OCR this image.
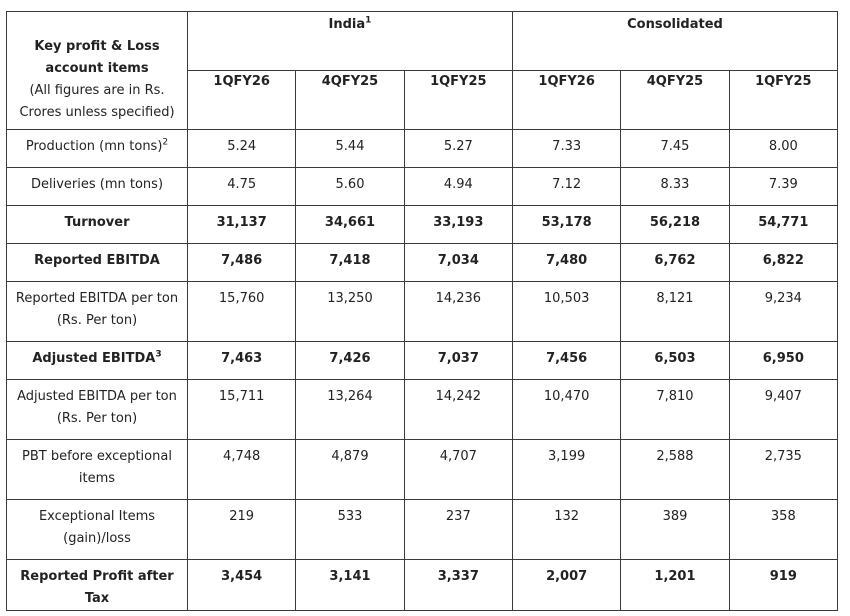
Key profit & Loss account items
(All figures are in Rs. Crores unless specified)	India$^1$			Consolidated		
	1QFY26	4QFY25	1QFY25	1QFY26	4QFY25	1QFY25
Production (mn tons)$^2$	5.24	5.44	5.27	7.33	7.45	8.00
Deliveries (mn tons)	4.75	5.60	4.94	7.12	8.33	7.39
Turnover	31,137	34,661	33,193	53,178	56,218	54,771
Reported EBITDA	7,486	7,418	7,034	7,480	6,762	6,822
Reported EBITDA per ton (Rs. Per ton)	15,760	13,250	14,236	10,503	8,121	9,234
Adjusted EBITDA$^3$	7,463	7,426	7,037	7,456	6,503	6,950
Adjusted EBITDA per ton (Rs. Per ton)	15,711	13,264	14,242	10,470	7,810	9,407
PBT before exceptional items	4,748	4,879	4,707	3,199	2,588	2,735
Exceptional Items (gain)/loss	219	533	237	132	389	358
Reported Profit after Tax	3,454	3,141	3,337	2,007	1,201	919
